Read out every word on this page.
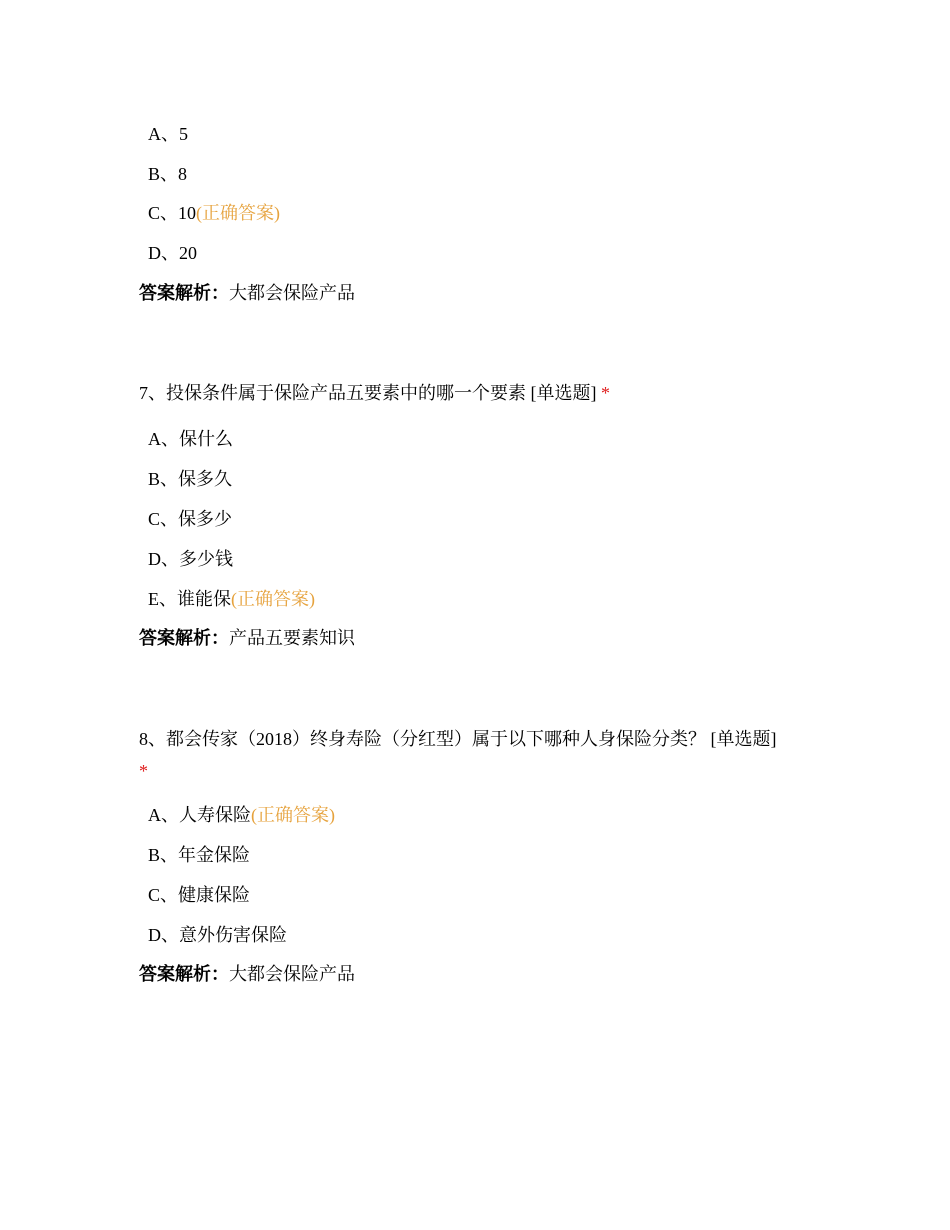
A、5
B、8
C、10(正确答案)
D、20
答案解析：大都会保险产品
7、投保条件属于保险产品五要素中的哪一个要素 [单选题] *
A、保什么
B、保多久
C、保多少
D、多少钱
E、谁能保(正确答案)
答案解析：产品五要素知识
8、都会传家（2018）终身寿险（分红型）属于以下哪种人身保险分类？ [单选题]
*
A、人寿保险(正确答案)
B、年金保险
C、健康保险
D、意外伤害保险
答案解析：大都会保险产品
